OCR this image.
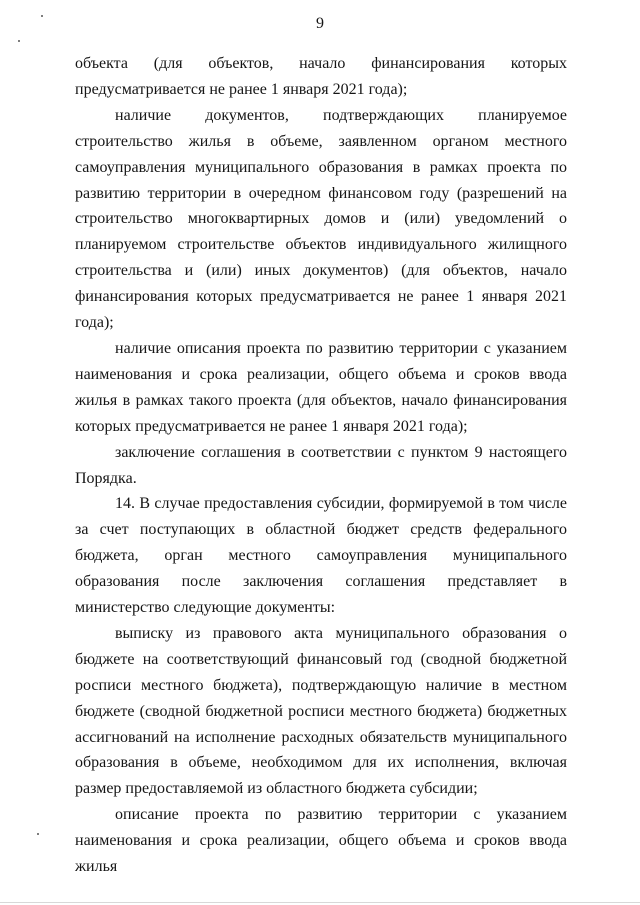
9

объекта (для объектов, начало финансирования которых предусматривается не ранее 1 января 2021 года);

наличие документов, подтверждающих планируемое строительство жилья в объеме, заявленном органом местного самоуправления муниципального образования в рамках проекта по развитию территории в очередном финансовом году (разрешений на строительство многоквартирных домов и (или) уведомлений о планируемом строительстве объектов индивидуального жилищного строительства и (или) иных документов) (для объектов, начало финансирования которых предусматривается не ранее 1 января 2021 года);

наличие описания проекта по развитию территории с указанием наименования и срока реализации, общего объема и сроков ввода жилья в рамках такого проекта (для объектов, начало финансирования которых предусматривается не ранее 1 января 2021 года);

заключение соглашения в соответствии с пунктом 9 настоящего Порядка.

14. В случае предоставления субсидии, формируемой в том числе за счет поступающих в областной бюджет средств федерального бюджета, орган местного самоуправления муниципального образования после заключения соглашения представляет в министерство следующие документы:

выписку из правового акта муниципального образования о бюджете на соответствующий финансовый год (сводной бюджетной росписи местного бюджета), подтверждающую наличие в местном бюджете (сводной бюджетной росписи местного бюджета) бюджетных ассигнований на исполнение расходных обязательств муниципального образования в объеме, необходимом для их исполнения, включая размер предоставляемой из областного бюджета субсидии;

описание проекта по развитию территории с указанием наименования и срока реализации, общего объема и сроков ввода жилья
